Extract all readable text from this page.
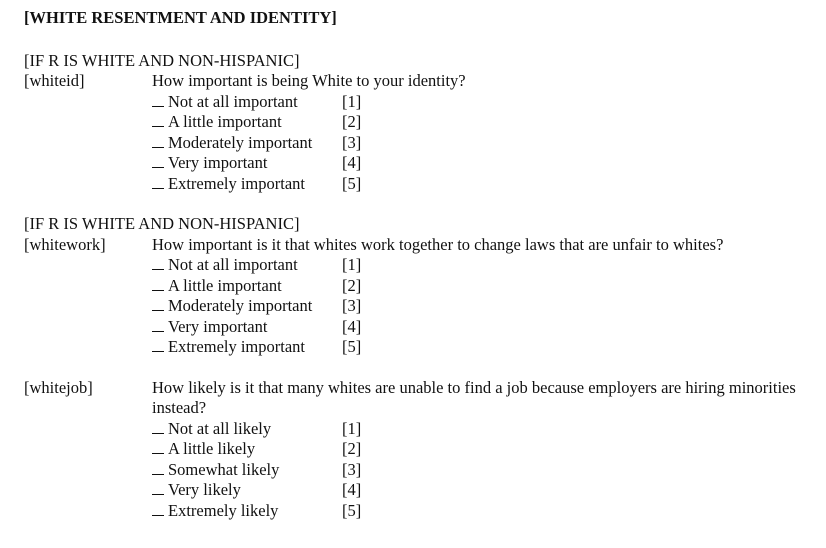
[WHITE RESENTMENT AND IDENTITY]
[IF R IS WHITE AND NON-HISPANIC]
[whiteid]	How important is being White to your identity?
Not at all important	[1]
A little important	[2]
Moderately important	[3]
Very important	[4]
Extremely important	[5]
[IF R IS WHITE AND NON-HISPANIC]
[whitework]	How important is it that whites work together to change laws that are unfair to whites?
Not at all important	[1]
A little important	[2]
Moderately important	[3]
Very important	[4]
Extremely important	[5]
[whitejob]	How likely is it that many whites are unable to find a job because employers are hiring minorities instead?
Not at all likely	[1]
A little likely	[2]
Somewhat likely	[3]
Very likely	[4]
Extremely likely	[5]
